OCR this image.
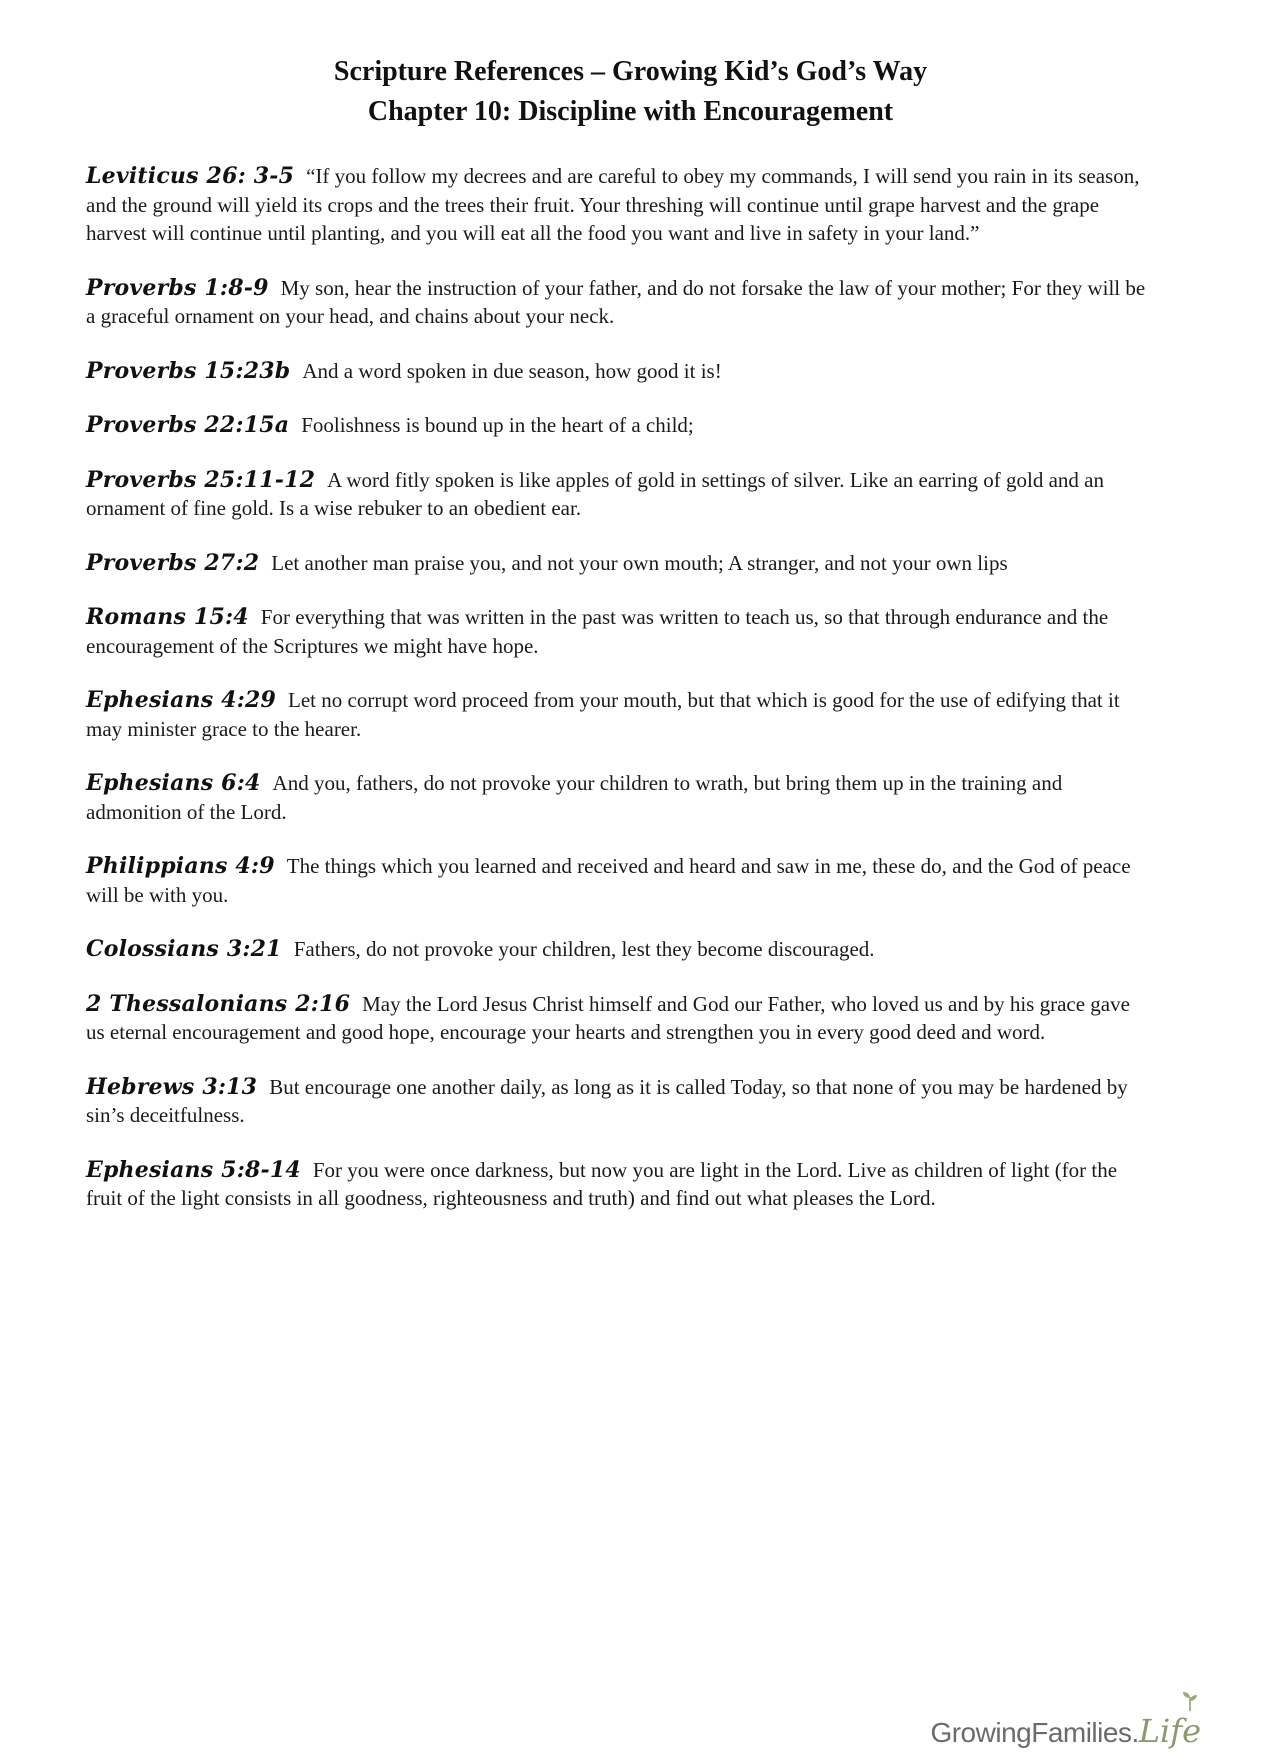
Scripture References – Growing Kid’s God’s Way
Chapter 10: Discipline with Encouragement

Leviticus 26: 3-5 “If you follow my decrees and are careful to obey my commands, I will send you rain in its season, and the ground will yield its crops and the trees their fruit. Your threshing will continue until grape harvest and the grape harvest will continue until planting, and you will eat all the food you want and live in safety in your land.”

Proverbs 1:8-9 My son, hear the instruction of your father, and do not forsake the law of your mother; For they will be a graceful ornament on your head, and chains about your neck.

Proverbs 15:23b And a word spoken in due season, how good it is!

Proverbs 22:15a Foolishness is bound up in the heart of a child;

Proverbs 25:11-12 A word fitly spoken is like apples of gold in settings of silver. Like an earring of gold and an ornament of fine gold. Is a wise rebuker to an obedient ear.

Proverbs 27:2 Let another man praise you, and not your own mouth; A stranger, and not your own lips

Romans 15:4 For everything that was written in the past was written to teach us, so that through endurance and the encouragement of the Scriptures we might have hope.

Ephesians 4:29 Let no corrupt word proceed from your mouth, but that which is good for the use of edifying that it may minister grace to the hearer.

Ephesians 6:4 And you, fathers, do not provoke your children to wrath, but bring them up in the training and admonition of the Lord.

Philippians 4:9 The things which you learned and received and heard and saw in me, these do, and the God of peace will be with you.

Colossians 3:21 Fathers, do not provoke your children, lest they become discouraged.

2 Thessalonians 2:16 May the Lord Jesus Christ himself and God our Father, who loved us and by his grace gave us eternal encouragement and good hope, encourage your hearts and strengthen you in every good deed and word.

Hebrews 3:13 But encourage one another daily, as long as it is called Today, so that none of you may be hardened by sin’s deceitfulness.

Ephesians 5:8-14 For you were once darkness, but now you are light in the Lord. Live as children of light (for the fruit of the light consists in all goodness, righteousness and truth) and find out what pleases the Lord.

GrowingFamilies.Life
